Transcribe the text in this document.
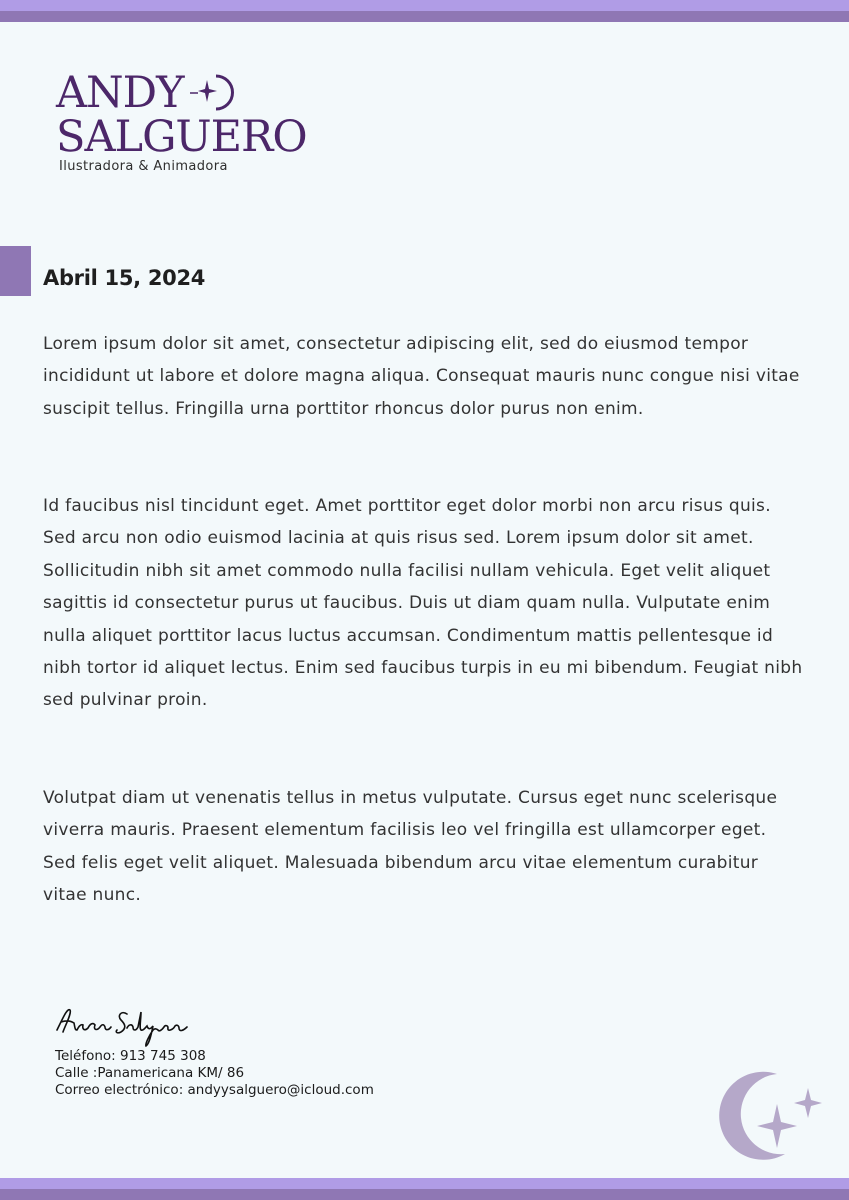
ANDY
SALGUERO
Ilustradora & Animadora
Abril 15, 2024

Lorem ipsum dolor sit amet, consectetur adipiscing elit, sed do eiusmod tempor incididunt ut labore et dolore magna aliqua. Consequat mauris nunc congue nisi vitae suscipit tellus. Fringilla urna porttitor rhoncus dolor purus non enim.

Id faucibus nisl tincidunt eget. Amet porttitor eget dolor morbi non arcu risus quis. Sed arcu non odio euismod lacinia at quis risus sed. Lorem ipsum dolor sit amet. Sollicitudin nibh sit amet commodo nulla facilisi nullam vehicula. Eget velit aliquet sagittis id consectetur purus ut faucibus. Duis ut diam quam nulla. Vulputate enim nulla aliquet porttitor lacus luctus accumsan. Condimentum mattis pellentesque id nibh tortor id aliquet lectus. Enim sed faucibus turpis in eu mi bibendum. Feugiat nibh sed pulvinar proin.

Volutpat diam ut venenatis tellus in metus vulputate. Cursus eget nunc scelerisque viverra mauris. Praesent elementum facilisis leo vel fringilla est ullamcorper eget. Sed felis eget velit aliquet. Malesuada bibendum arcu vitae elementum curabitur vitae nunc.

Teléfono: 913 745 308
Calle :Panamericana KM/ 86
Correo electrónico: andyysalguero@icloud.com
